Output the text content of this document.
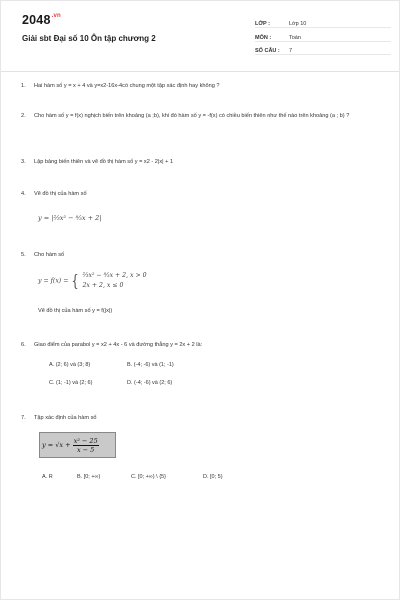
$2048^{.vn}$
Giải sbt Đại số 10 Ôn tập chương 2
LỚP :	Lớp 10
MÔN :	Toán
SỐ CÂU :	7
1. Hai hàm số y = x + 4 và y=x2-16x-4có chung một tập xác định hay không ?
2. Cho hàm số y = f(x) nghịch biến trên khoảng (a ;b), khi đó hàm số y = -f(x) có chiều biến thiên như thế nào trên khoảng (a ; b) ?
3. Lập bảng biến thiên và vẽ đồ thị hàm số y = x2 - 2|x| + 1
4. Vẽ đồ thị của hàm số
y = |⅔x² − ⁸⁄₃x + 2|
5. Cho hàm số
y = f(x) = { ⅔x² − ⁸⁄₃x + 2, x > 0
2x + 2, x ≤ 0
Vẽ đồ thị của hàm số y = f(|x|)
6. Giao điểm của parabol y = x2 + 4x - 6 và đường thẳng y = 2x + 2 là:
A. (2; 6) và (3; 8)	B. (-4; -6) và (1; -1)
C. (1; -1) và (2; 6)	D. (-4; -6) và (2; 6)
7. Tập xác định của hàm số
$y = √x + \frac{\text{x² − 25}}{x - 5}$
A. R	B. [0; +∞)	C. [0; +∞) \ {5}	D. [0; 5)
